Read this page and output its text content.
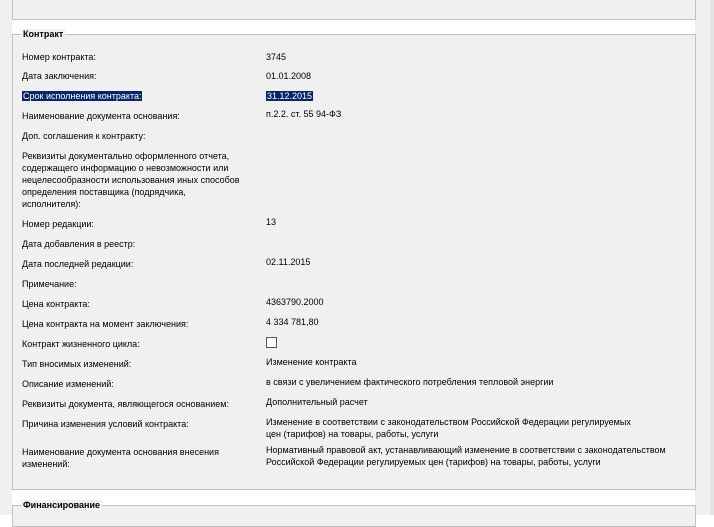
Контракт
Номер контракта:	3745
Дата заключения:	01.01.2008
Срок исполнения контракта:	31.12.2015
Наименование документа основания:	п.2.2. ст. 55 94-ФЗ
Доп. соглашения к контракту:
Реквизиты документально оформленного отчета, содержащего информацию о невозможности или нецелесообразности использования иных способов определения поставщика (подрядчика, исполнителя):
Номер редакции:	13
Дата добавления в реестр:
Дата последней редакции:	02.11.2015
Примечание:
Цена контракта:	4363790.2000
Цена контракта на момент заключения:	4 334 781,80
Контракт жизненного цикла:
Тип вносимых изменений:	Изменение контракта
Описание изменений:	в связи с увеличением фактического потребления тепловой энергии
Реквизиты документа, являющегося основанием:	Дополнительный расчет
Причина изменения условий контракта:	Изменение в соответствии с законодательством Российской Федерации регулируемых цен (тарифов) на товары, работы, услуги
Наименование документа основания внесения изменений:
Нормативный правовой акт, устанавливающий изменение в соответствии с законодательством Российской Федерации регулируемых цен (тарифов) на товары, работы, услуги
Финансирование
